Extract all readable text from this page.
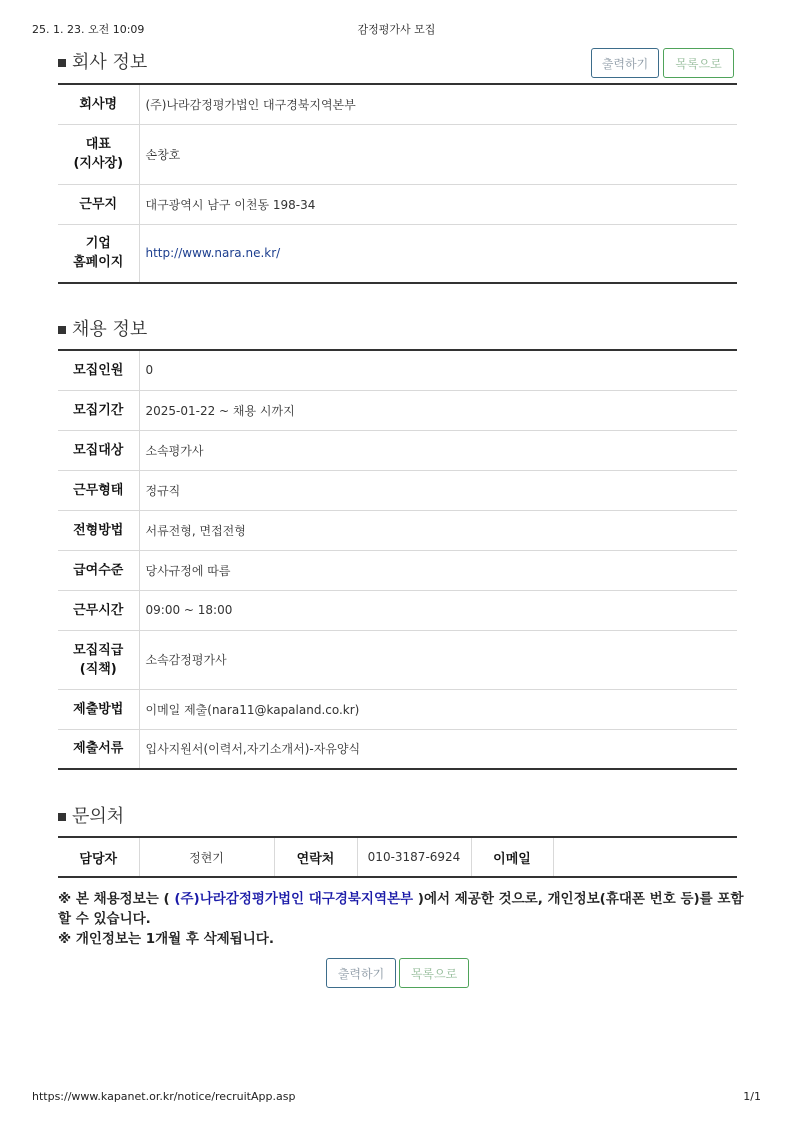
25. 1. 23. 오전 10:09	감정평가사 모집
회사 정보	출력하기	목록으로
회사명	(주)나라감정평가법인 대구경북지역본부
대표
(지사장)	손창호
근무지	대구광역시 남구 이천동 198-34
기업
홈페이지	http://www.nara.ne.kr/
채용 정보
모집인원	0
모집기간	2025-01-22 ~ 채용 시까지
모집대상	소속평가사
근무형태	정규직
전형방법	서류전형, 면접전형
급여수준	당사규정에 따름
근무시간	09:00 ~ 18:00
모집직급
(직책)	소속감정평가사
제출방법	이메일 제출(nara11@kapaland.co.kr)
제출서류	입사지원서(이력서,자기소개서)-자유양식
문의처
담당자	정현기	연락처	010-3187-6924	이메일	
※ 본 채용정보는 ( (주)나라감정평가법인 대구경북지역본부 )에서 제공한 것으로, 개인정보(휴대폰 번호 등)를 포함할 수 있습니다.
※ 개인정보는 1개월 후 삭제됩니다.
출력하기	목록으로
https://www.kapanet.or.kr/notice/recruitApp.asp	1/1
